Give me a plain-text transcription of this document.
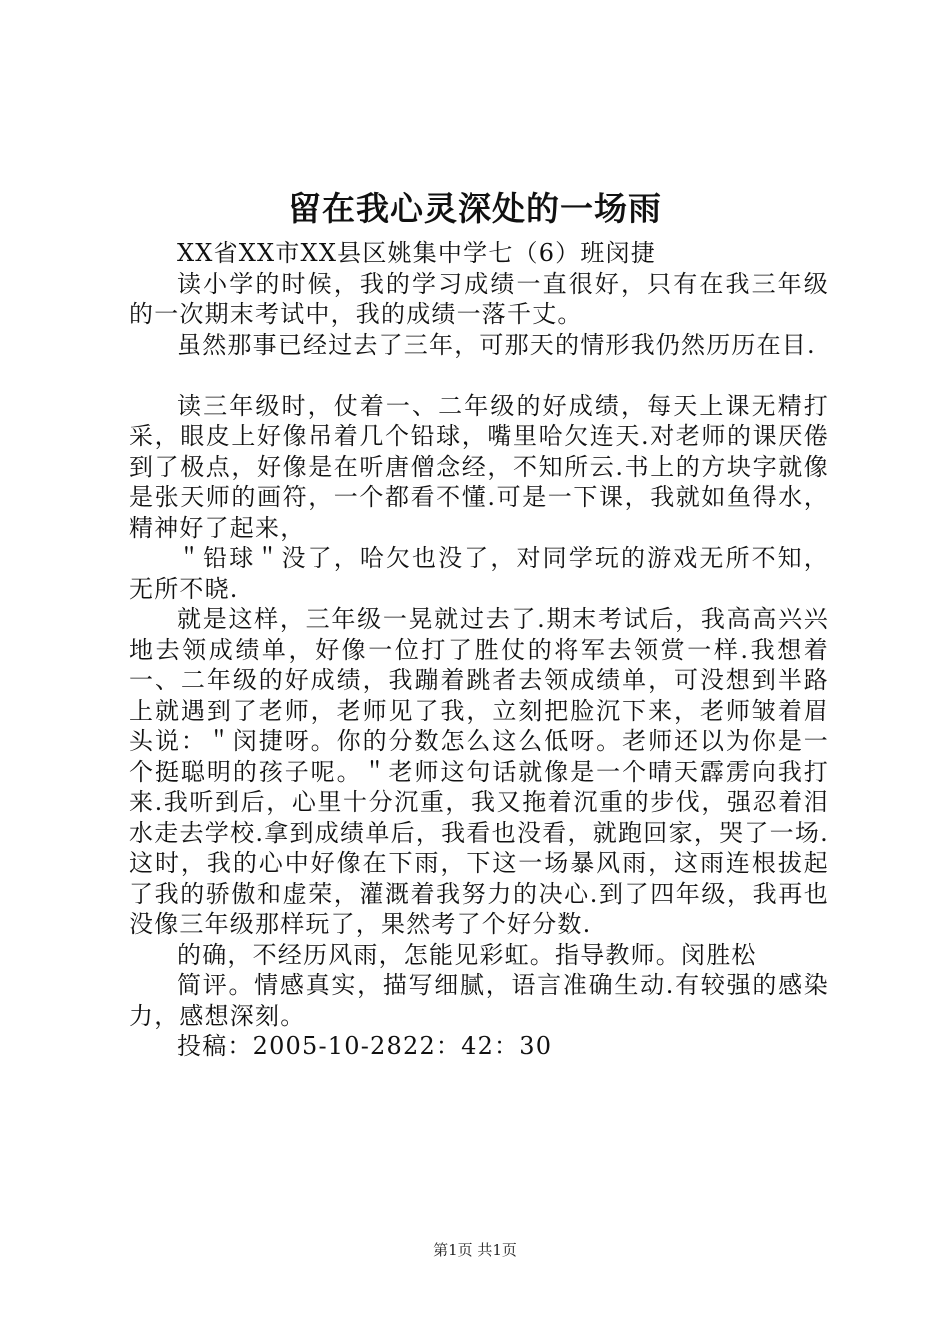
留在我心灵深处的一场雨

XX省XX市XX县区姚集中学七（6）班闵捷

读小学的时候，我的学习成绩一直很好，只有在我三年级的一次期末考试中，我的成绩一落千丈。

虽然那事已经过去了三年，可那天的情形我仍然历历在目.

读三年级时，仗着一、二年级的好成绩，每天上课无精打采，眼皮上好像吊着几个铅球，嘴里哈欠连天.对老师的课厌倦到了极点，好像是在听唐僧念经，不知所云.书上的方块字就像是张天师的画符，一个都看不懂.可是一下课，我就如鱼得水，精神好了起来，

＂铅球＂没了，哈欠也没了，对同学玩的游戏无所不知，无所不晓.

就是这样，三年级一晃就过去了.期末考试后，我高高兴兴地去领成绩单，好像一位打了胜仗的将军去领赏一样.我想着一、二年级的好成绩，我蹦着跳者去领成绩单，可没想到半路上就遇到了老师，老师见了我，立刻把脸沉下来，老师皱着眉头说：＂闵捷呀。你的分数怎么这么低呀。老师还以为你是一个挺聪明的孩子呢。＂老师这句话就像是一个晴天霹雳向我打来.我听到后，心里十分沉重，我又拖着沉重的步伐，强忍着泪水走去学校.拿到成绩单后，我看也没看，就跑回家，哭了一场.这时，我的心中好像在下雨，下这一场暴风雨，这雨连根拔起了我的骄傲和虚荣，灌溉着我努力的决心.到了四年级，我再也没像三年级那样玩了，果然考了个好分数.

的确，不经历风雨，怎能见彩虹。指导教师。闵胜松

简评。情感真实，描写细腻，语言准确生动.有较强的感染力，感想深刻。

投稿：2005-10-2822：42：30

第1页 共1页
